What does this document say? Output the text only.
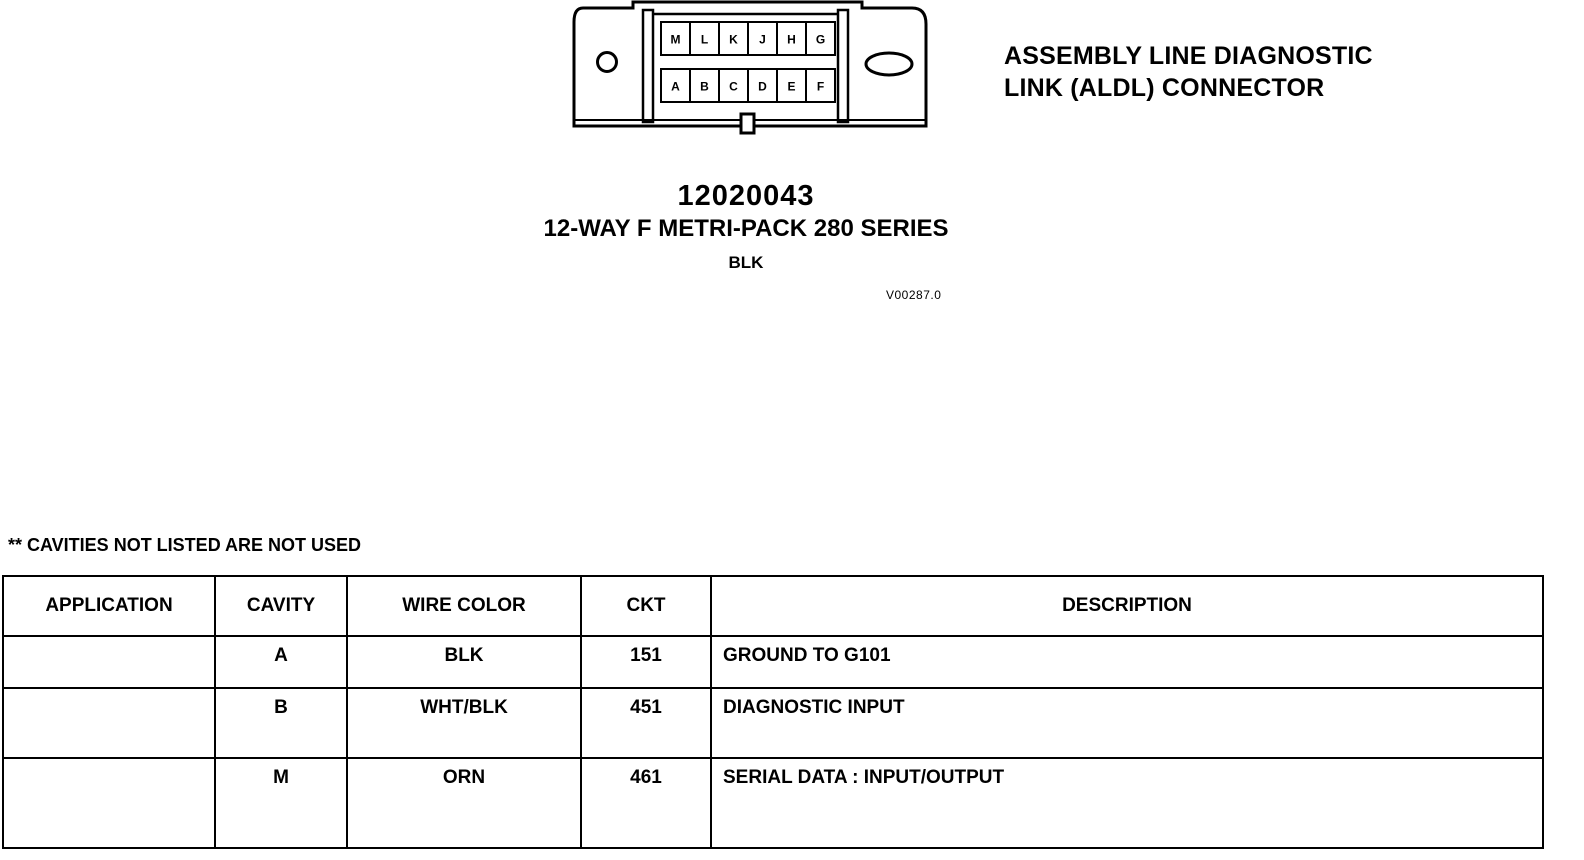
M L K J H G
A B C D E F
ASSEMBLY LINE DIAGNOSTIC
LINK (ALDL) CONNECTOR
12020043
12-WAY F METRI-PACK 280 SERIES
BLK
V00287.0
** CAVITIES NOT LISTED ARE NOT USED
APPLICATION	CAVITY	WIRE COLOR	CKT	DESCRIPTION
	A	BLK	151	GROUND TO G101
	B	WHT/BLK	451	DIAGNOSTIC INPUT
	M	ORN	461	SERIAL DATA : INPUT/OUTPUT
